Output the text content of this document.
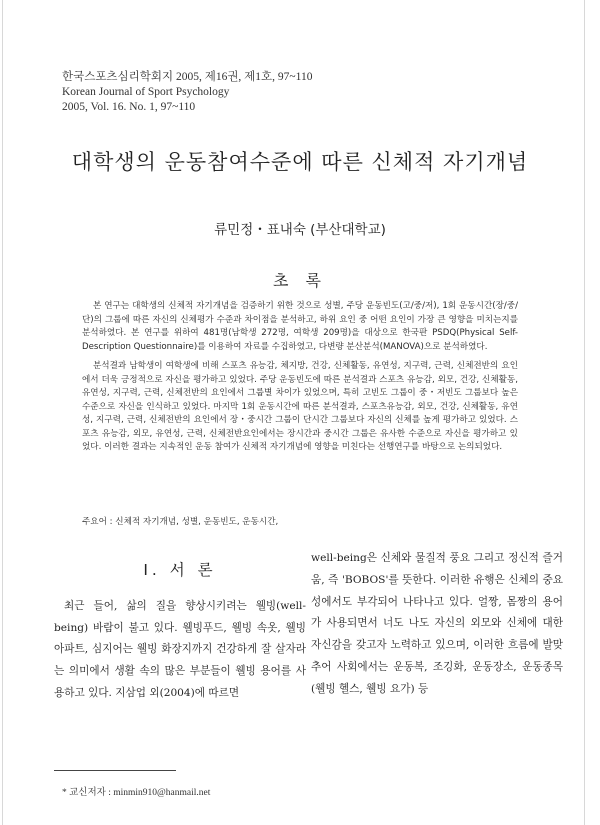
한국스포츠심리학회지 2005, 제16권, 제1호, 97~110
Korean Journal of Sport Psychology
2005, Vol. 16. No. 1, 97~110
대학생의 운동참여수준에 따른 신체적 자기개념
류민정・표내숙 (부산대학교)
초 록

본 연구는 대학생의 신체적 자기개념을 검증하기 위한 것으로 성별, 주당 운동빈도(고/중/저), 1회 운동시간(장/중/단)의 그룹에 따른 자신의 신체평가 수준과 차이점을 분석하고, 하위 요인 중 어떤 요인이 가장 큰 영향을 미치는지를 분석하였다. 본 연구를 위하여 481명(남학생 272명, 여학생 209명)을 대상으로 한국판 PSDQ(Physical Self-Description Questionnaire)를 이용하여 자료를 수집하였고, 다변량 분산분석(MANOVA)으로 분석하였다.

분석결과 남학생이 여학생에 비해 스포츠 유능감, 체지방, 건강, 신체활동, 유연성, 지구력, 근력, 신체전반의 요인에서 더욱 긍정적으로 자신을 평가하고 있었다. 주당 운동빈도에 따른 분석결과 스포츠 유능감, 외모, 건강, 신체활동, 유연성, 지구력, 근력, 신체전반의 요인에서 그룹별 차이가 있었으며, 특히 고빈도 그룹이 중・저빈도 그룹보다 높은 수준으로 자신을 인식하고 있었다. 마지막 1회 운동시간에 따른 분석결과, 스포츠유능감, 외모, 건강, 신체활동, 유연성, 지구력, 근력, 신체전반의 요인에서 장・중시간 그룹이 단시간 그룹보다 자신의 신체를 높게 평가하고 있었다. 스포츠 유능감, 외모, 유연성, 근력, 신체전반요인에서는 장시간과 중시간 그룹은 유사한 수준으로 자신을 평가하고 있었다. 이러한 결과는 지속적인 운동 참여가 신체적 자기개념에 영향을 미친다는 선행연구를 바탕으로 논의되었다.

주요어 : 신체적 자기개념, 성별, 운동빈도, 운동시간,
Ⅰ. 서 론

최근 들어, 삶의 질을 향상시키려는 웰빙(well-being) 바람이 불고 있다. 웰빙푸드, 웰빙 속옷, 웰빙 아파트, 심지어는 웰빙 화장지까지 건강하게 잘 살자라는 의미에서 생활 속의 많은 부분들이 웰빙 용어를 사용하고 있다. 지삼업 외(2004)에 따르면

well-being은 신체와 물질적 풍요 그리고 정신적 즐거움, 즉 'BOBOS'를 뜻한다. 이러한 유행은 신체의 중요성에서도 부각되어 나타나고 있다. 얼짱, 몸짱의 용어가 사용되면서 너도 나도 자신의 외모와 신체에 대한 자신감을 갖고자 노력하고 있으며, 이러한 흐름에 발맞추어 사회에서는 운동복, 조깅화, 운동장소, 운동종목(웰빙 헬스, 웰빙 요가) 등

* 교신저자 : minmin910@hanmail.net
